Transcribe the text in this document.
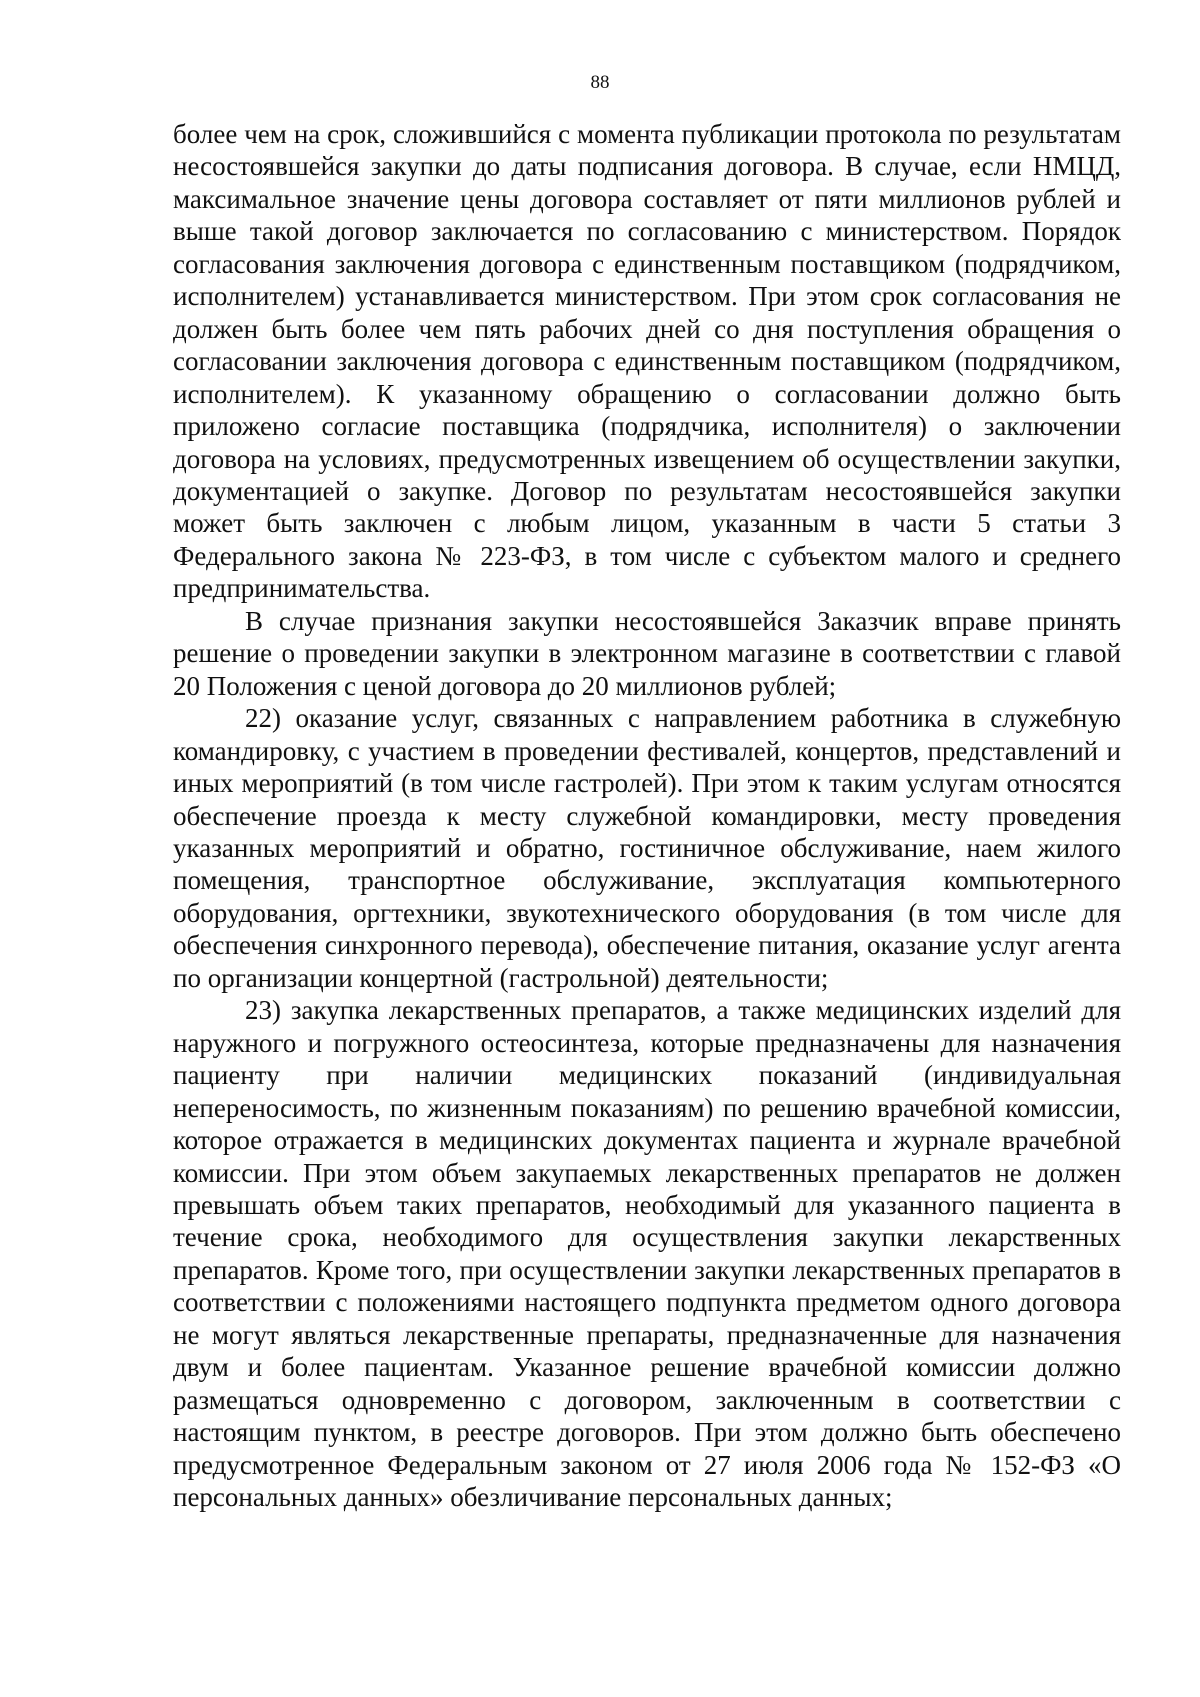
88

более чем на срок, сложившийся с момента публикации протокола по результатам несостоявшейся закупки до даты подписания договора. В случае, если НМЦД, максимальное значение цены договора составляет от пяти миллионов рублей и выше такой договор заключается по согласованию с министерством. Порядок согласования заключения договора с единственным поставщиком (подрядчиком, исполнителем) устанавливается министерством. При этом срок согласования не должен быть более чем пять рабочих дней со дня поступления обращения о согласовании заключения договора с единственным поставщиком (подрядчиком, исполнителем). К указанному обращению о согласовании должно быть приложено согласие поставщика (подрядчика, исполнителя) о заключении договора на условиях, предусмотренных извещением об осуществлении закупки, документацией о закупке. Договор по результатам несостоявшейся закупки может быть заключен с любым лицом, указанным в части 5 статьи 3 Федерального закона № 223-ФЗ, в том числе с субъектом малого и среднего предпринимательства.

В случае признания закупки несостоявшейся Заказчик вправе принять решение о проведении закупки в электронном магазине в соответствии с главой 20 Положения с ценой договора до 20 миллионов рублей;

22) оказание услуг, связанных с направлением работника в служебную командировку, с участием в проведении фестивалей, концертов, представлений и иных мероприятий (в том числе гастролей). При этом к таким услугам относятся обеспечение проезда к месту служебной командировки, месту проведения указанных мероприятий и обратно, гостиничное обслуживание, наем жилого помещения, транспортное обслуживание, эксплуатация компьютерного оборудования, оргтехники, звукотехнического оборудования (в том числе для обеспечения синхронного перевода), обеспечение питания, оказание услуг агента по организации концертной (гастрольной) деятельности;

23) закупка лекарственных препаратов, а также медицинских изделий для наружного и погружного остеосинтеза, которые предназначены для назначения пациенту при наличии медицинских показаний (индивидуальная непереносимость, по жизненным показаниям) по решению врачебной комиссии, которое отражается в медицинских документах пациента и журнале врачебной комиссии. При этом объем закупаемых лекарственных препаратов не должен превышать объем таких препаратов, необходимый для указанного пациента в течение срока, необходимого для осуществления закупки лекарственных препаратов. Кроме того, при осуществлении закупки лекарственных препаратов в соответствии с положениями настоящего подпункта предметом одного договора не могут являться лекарственные препараты, предназначенные для назначения двум и более пациентам. Указанное решение врачебной комиссии должно размещаться одновременно с договором, заключенным в соответствии с настоящим пунктом, в реестре договоров. При этом должно быть обеспечено предусмотренное Федеральным законом от 27 июля 2006 года № 152-ФЗ «О персональных данных» обезличивание персональных данных;
